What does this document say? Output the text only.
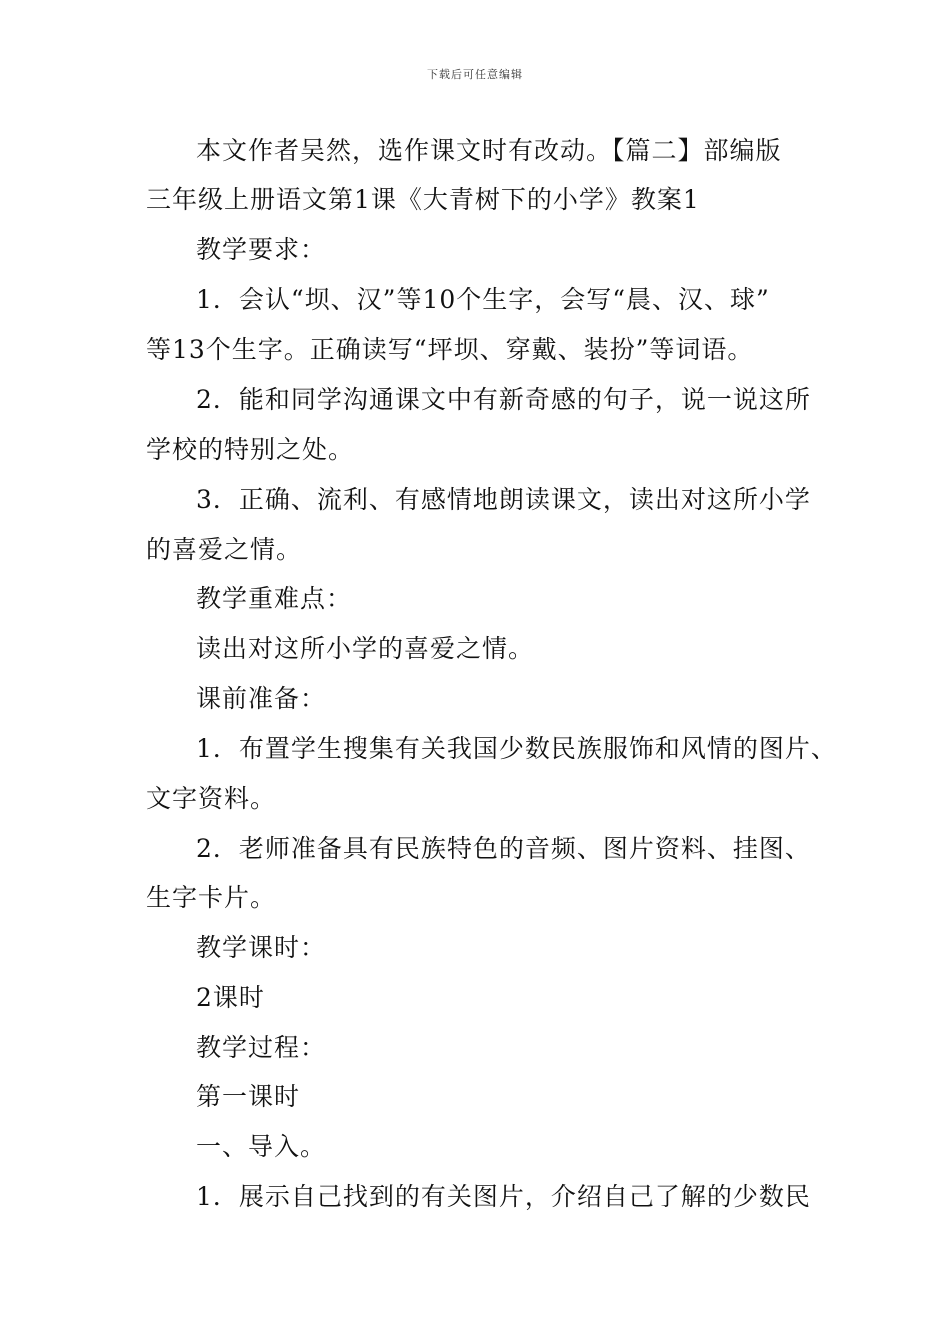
下载后可任意编辑
本文作者吴然，选作课文时有改动。【篇二】部编版
三年级上册语文第1课《大青树下的小学》教案1
教学要求：
1．会认“坝、汉”等10个生字，会写“晨、汉、球”
等13个生字。正确读写“坪坝、穿戴、装扮”等词语。
2．能和同学沟通课文中有新奇感的句子，说一说这所
学校的特别之处。
3．正确、流利、有感情地朗读课文，读出对这所小学
的喜爱之情。
教学重难点：
读出对这所小学的喜爱之情。
课前准备：
1．布置学生搜集有关我国少数民族服饰和风情的图片、
文字资料。
2．老师准备具有民族特色的音频、图片资料、挂图、
生字卡片。
教学课时：
2课时
教学过程：
第一课时
一、导入。
1．展示自己找到的有关图片，介绍自己了解的少数民
